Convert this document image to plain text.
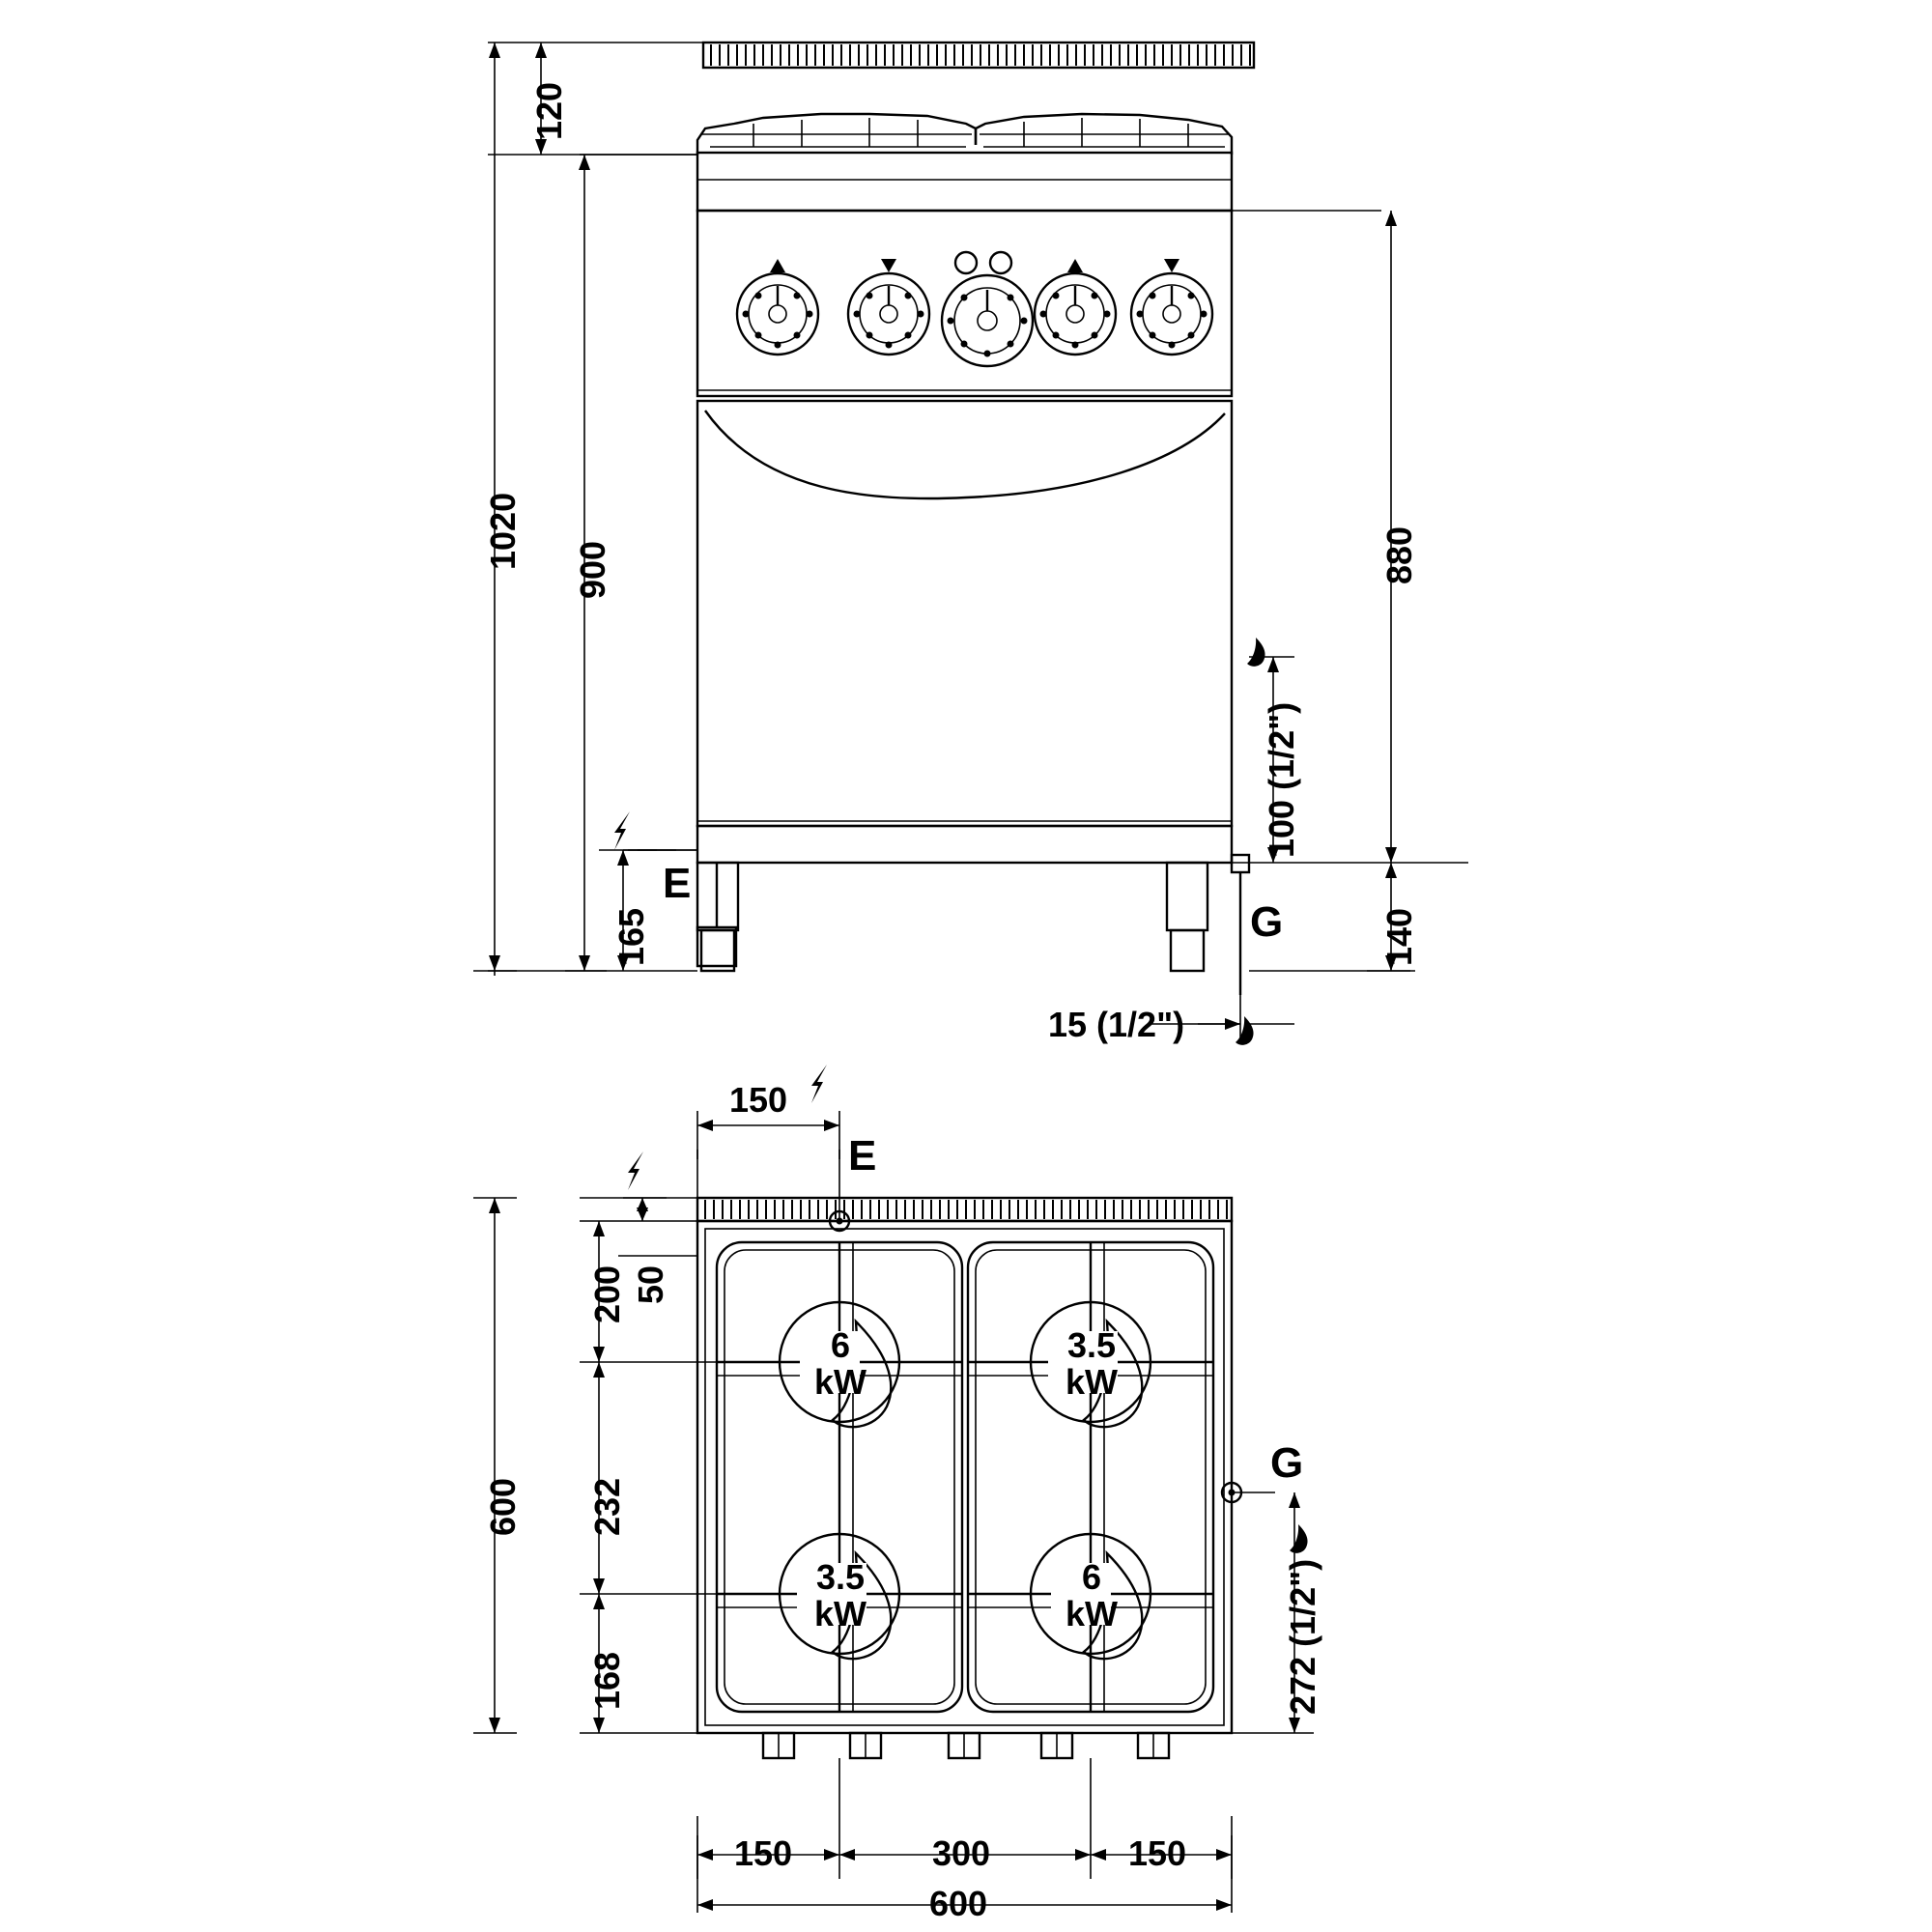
120
1020 900	880
165
100 (1/2")
140
15 (1/2")
E
G
150
50
200
600 232
168	272 (1/2")
150	300	150
600
E
G
6
kW
3.5
kW
3.5
kW
6
kW
